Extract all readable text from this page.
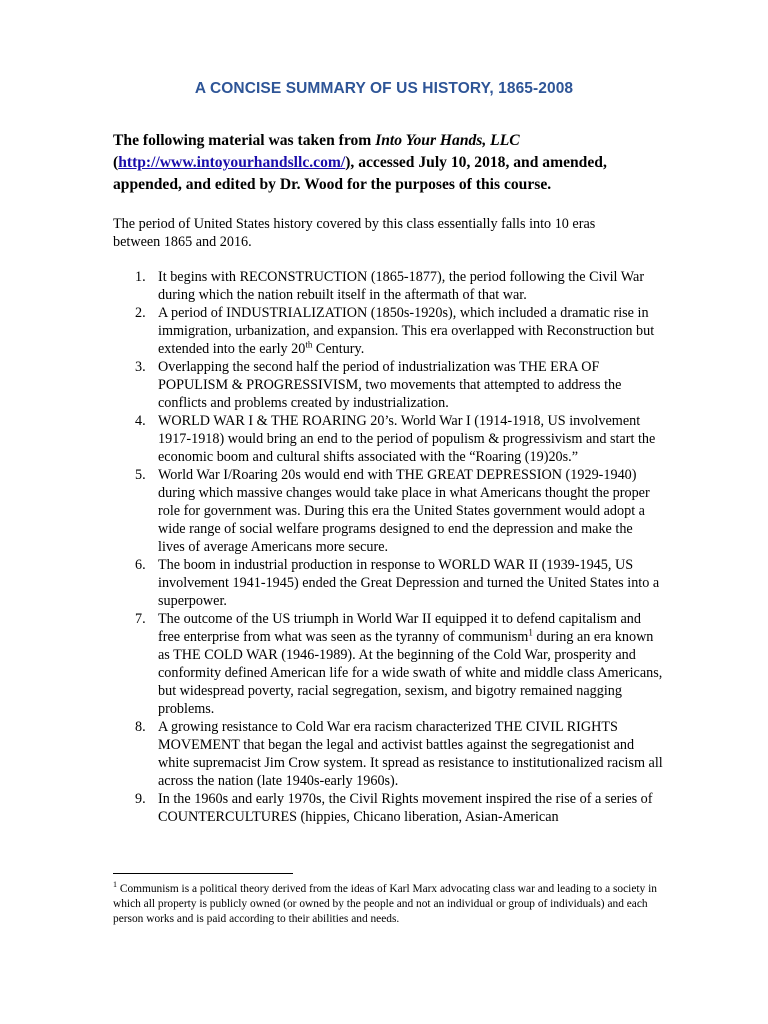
A CONCISE SUMMARY OF US HISTORY, 1865-2008
The following material was taken from Into Your Hands, LLC
(http://www.intoyourhandsllc.com/), accessed July 10, 2018, and amended, appended, and edited by Dr. Wood for the purposes of this course.
The period of United States history covered by this class essentially falls into 10 eras between 1865 and 2016.
1. It begins with RECONSTRUCTION (1865-1877), the period following the Civil War during which the nation rebuilt itself in the aftermath of that war.
2. A period of INDUSTRIALIZATION (1850s-1920s), which included a dramatic rise in immigration, urbanization, and expansion. This era overlapped with Reconstruction but extended into the early 20th Century.
3. Overlapping the second half the period of industrialization was THE ERA OF POPULISM & PROGRESSIVISM, two movements that attempted to address the conflicts and problems created by industrialization.
4. WORLD WAR I & THE ROARING 20’s. World War I (1914-1918, US involvement 1917-1918) would bring an end to the period of populism & progressivism and start the economic boom and cultural shifts associated with the “Roaring (19)20s.”
5. World War I/Roaring 20s would end with THE GREAT DEPRESSION (1929-1940) during which massive changes would take place in what Americans thought the proper role for government was. During this era the United States government would adopt a wide range of social welfare programs designed to end the depression and make the lives of average Americans more secure.
6. The boom in industrial production in response to WORLD WAR II (1939-1945, US involvement 1941-1945) ended the Great Depression and turned the United States into a superpower.
7. The outcome of the US triumph in World War II equipped it to defend capitalism and free enterprise from what was seen as the tyranny of communism$^1$ during an era known as THE COLD WAR (1946-1989). At the beginning of the Cold War, prosperity and conformity defined American life for a wide swath of white and middle class Americans, but widespread poverty, racial segregation, sexism, and bigotry remained nagging problems.
8. A growing resistance to Cold War era racism characterized THE CIVIL RIGHTS MOVEMENT that began the legal and activist battles against the segregationist and white supremacist Jim Crow system. It spread as resistance to institutionalized racism all across the nation (late 1940s-early 1960s).
9. In the 1960s and early 1970s, the Civil Rights movement inspired the rise of a series of COUNTERCULTURES (hippies, Chicano liberation, Asian-American
$^1$ Communism is a political theory derived from the ideas of Karl Marx advocating class war and leading to a society in which all property is publicly owned (or owned by the people and not an individual or group of individuals) and each person works and is paid according to their abilities and needs.
